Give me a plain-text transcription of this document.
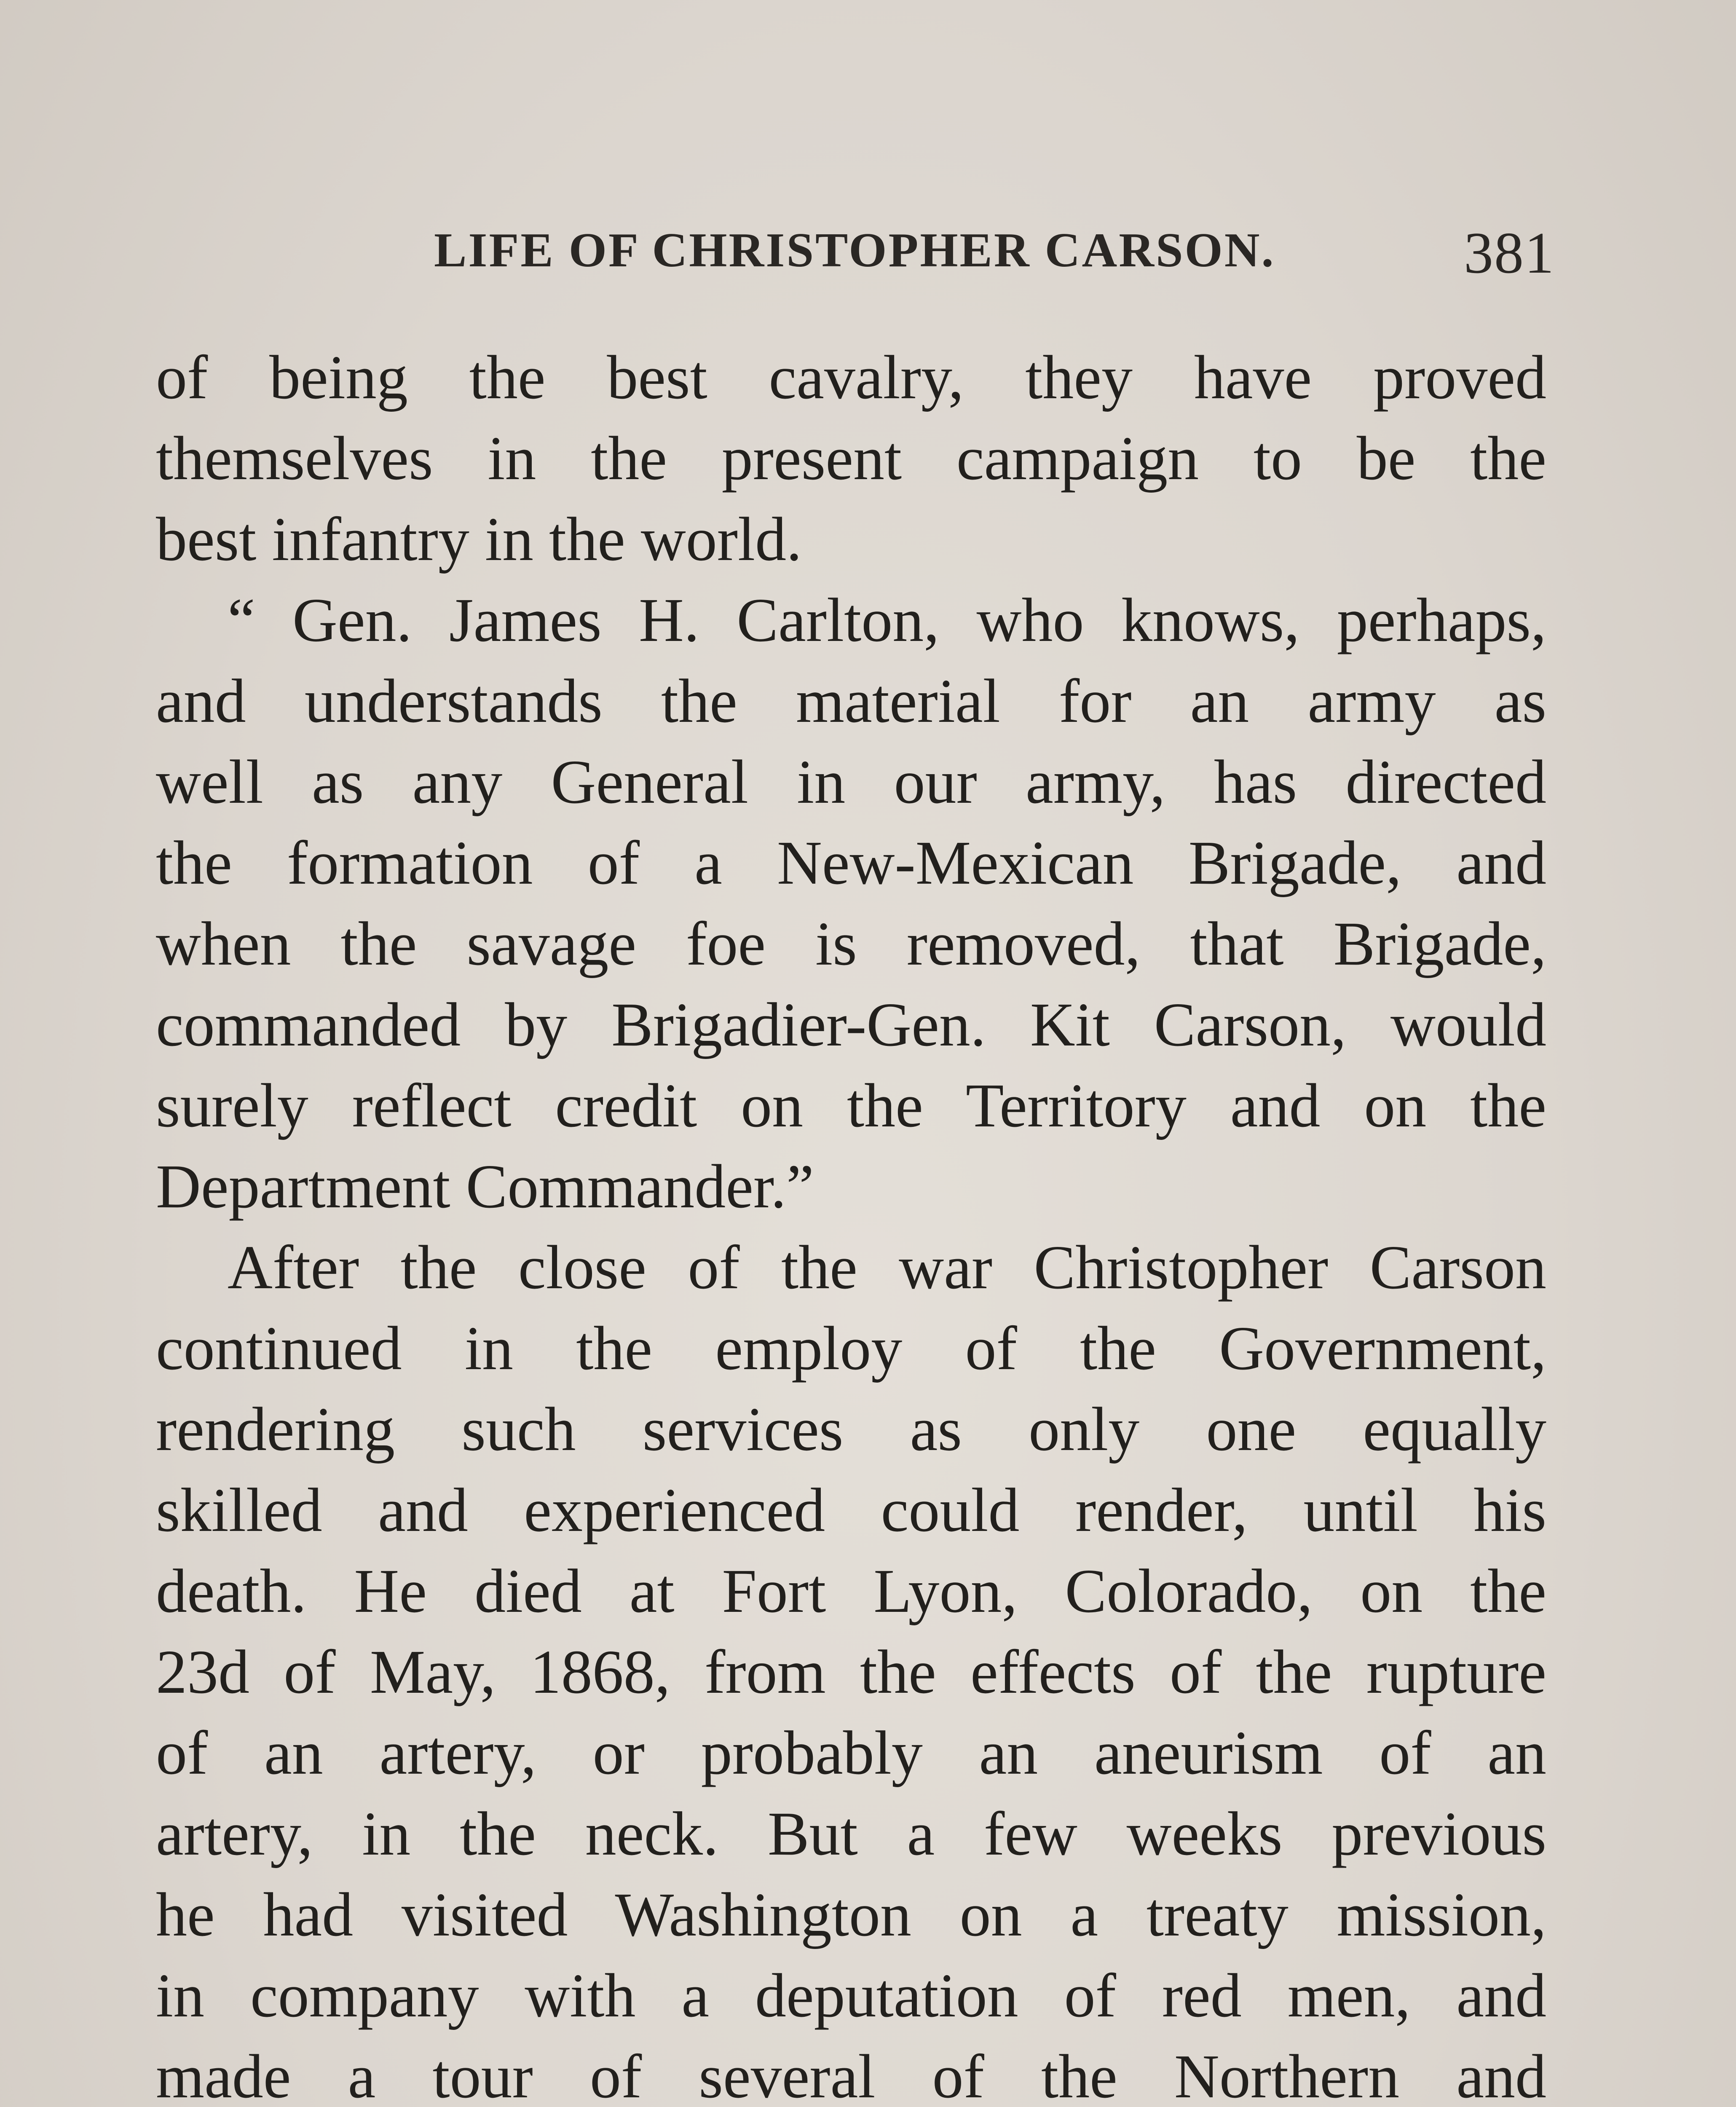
LIFE OF CHRISTOPHER CARSON.	381

of being the best cavalry, they have proved
themselves in the present campaign to be the
best infantry in the world.

“ Gen. James H. Carlton, who knows, perhaps,
and understands the material for an army as
well as any General in our army, has directed
the formation of a New-Mexican Brigade, and
when the savage foe is removed, that Brigade,
commanded by Brigadier-Gen. Kit Carson, would
surely reflect credit on the Territory and on the
Department Commander.”

After the close of the war Christopher Carson
continued in the employ of the Government,
rendering such services as only one equally
skilled and experienced could render, until his
death. He died at Fort Lyon, Colorado, on the
23d of May, 1868, from the effects of the rupture
of an artery, or probably an aneurism of an
artery, in the neck. But a few weeks previous
he had visited Washington on a treaty mission,
in company with a deputation of red men, and
made a tour of several of the Northern and
